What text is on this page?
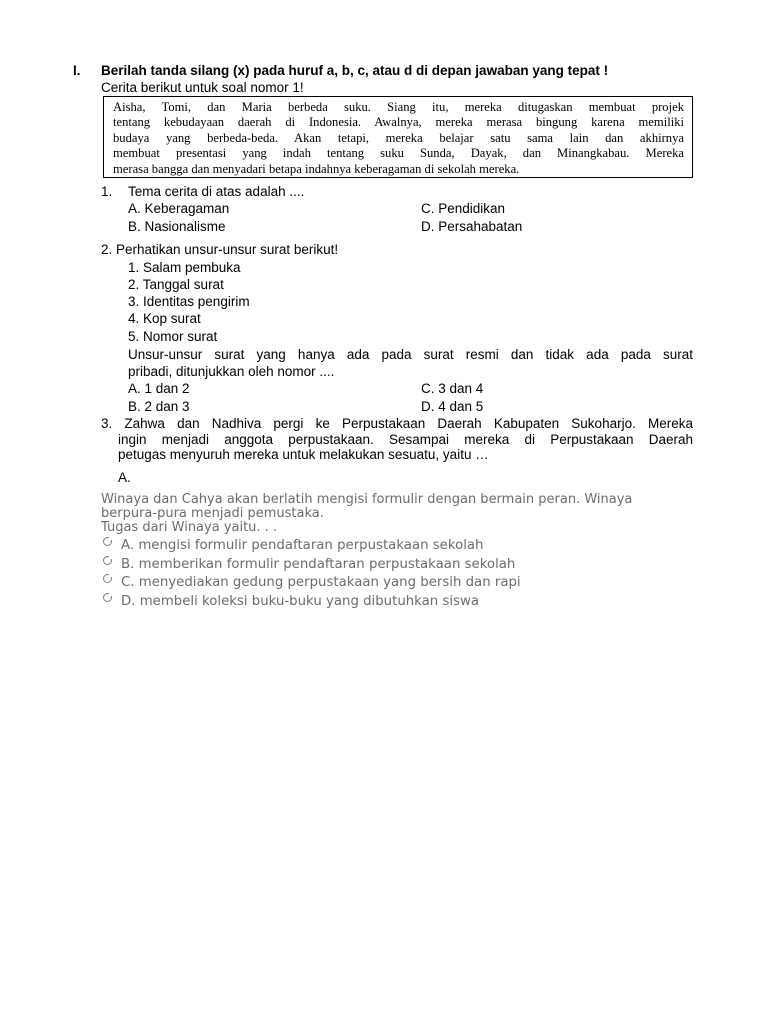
I. Berilah tanda silang (x) pada huruf a, b, c, atau d di depan jawaban yang tepat !
Cerita berikut untuk soal nomor 1!

Aisha, Tomi, dan Maria berbeda suku. Siang itu, mereka ditugaskan membuat projek

tentang kebudayaan daerah di Indonesia. Awalnya, mereka merasa bingung karena memiliki

budaya yang berbeda-beda. Akan tetapi, mereka belajar satu sama lain dan akhirnya

membuat presentasi yang indah tentang suku Sunda, Dayak, dan Minangkabau. Mereka

merasa bangga dan menyadari betapa indahnya keberagaman di sekolah mereka.

1. Tema cerita di atas adalah ....
A. Keberagaman	C. Pendidikan
B. Nasionalisme	D. Persahabatan
2. Perhatikan unsur-unsur surat berikut!
1. Salam pembuka
2. Tanggal surat
3. Identitas pengirim
4. Kop surat
5. Nomor surat
Unsur-unsur surat yang hanya ada pada surat resmi dan tidak ada pada surat
pribadi, ditunjukkan oleh nomor ....
A. 1 dan 2	C. 3 dan 4
B. 2 dan 3	D. 4 dan 5
3. Zahwa dan Nadhiva pergi ke Perpustakaan Daerah Kabupaten Sukoharjo. Mereka
ingin menjadi anggota perpustakaan. Sesampai mereka di Perpustakaan Daerah
petugas menyuruh mereka untuk melakukan sesuatu, yaitu …
A.
Winaya dan Cahya akan berlatih mengisi formulir dengan bermain peran. Winaya
berpura-pura menjadi pemustaka.
Tugas dari Winaya yaitu. . .
A. mengisi formulir pendaftaran perpustakaan sekolah
B. memberikan formulir pendaftaran perpustakaan sekolah
C. menyediakan gedung perpustakaan yang bersih dan rapi
D. membeli koleksi buku-buku yang dibutuhkan siswa
